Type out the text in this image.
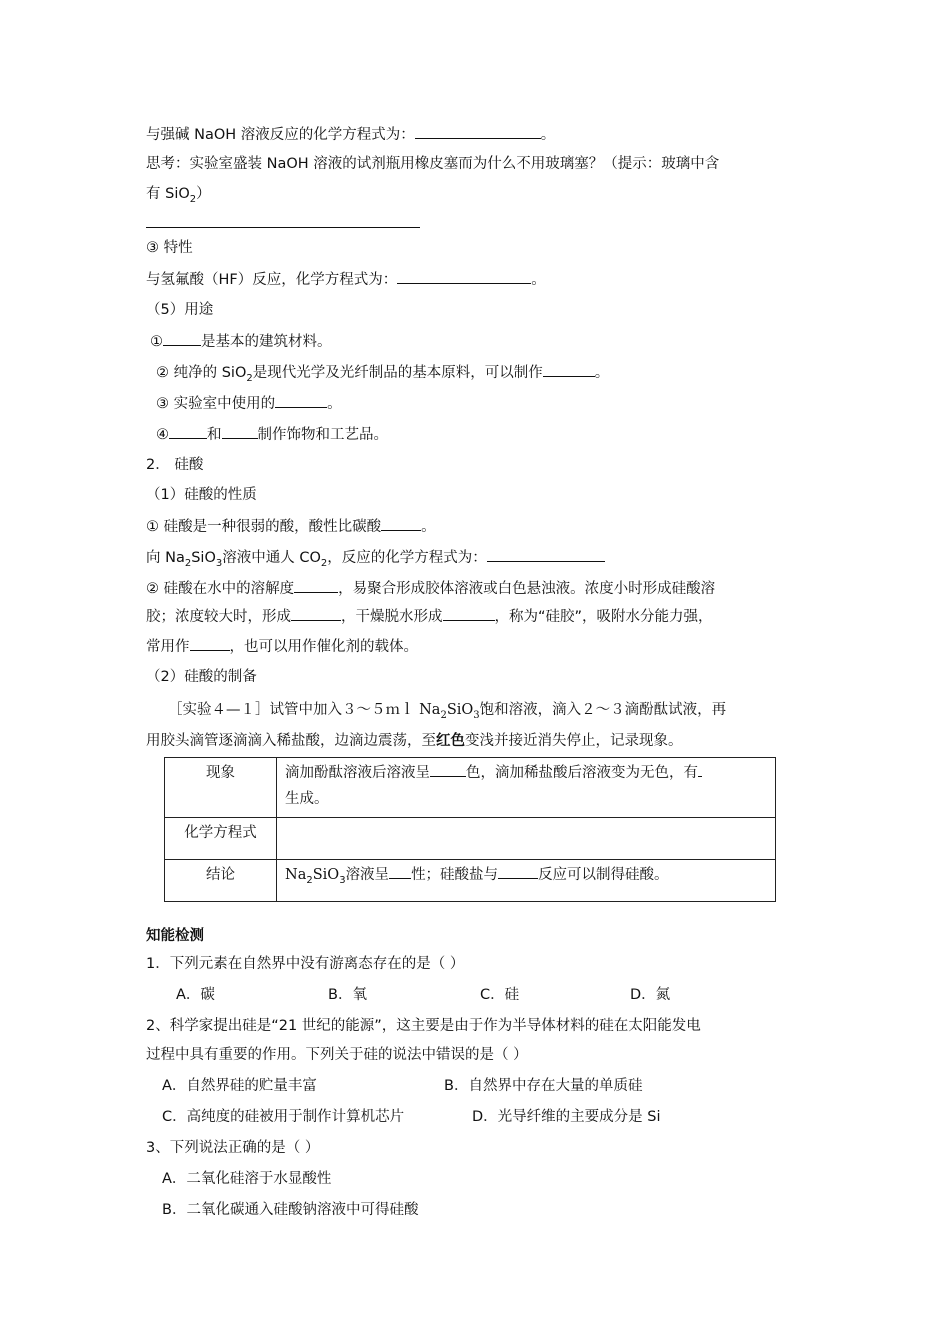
与强碱 NaOH 溶液反应的化学方程式为：	。
思考：实验室盛装 NaOH 溶液的试剂瓶用橡皮塞而为什么不用玻璃塞？（提示：玻璃中含
有 SiO$_2$）
③ 特性
与氢氟酸（HF）反应，化学方程式为：	。
（5）用途
①	是基本的建筑材料。
② 纯净的 SiO$_2$是现代光学及光纤制品的基本原料，可以制作	。
③ 实验室中使用的	。
④	和 制作饰物和工艺品。
2． 硅酸
（1）硅酸的性质
① 硅酸是一种很弱的酸，酸性比碳酸	。
向 $Na_2SiO_3$溶液中通人 $CO_2$，反应的化学方程式为：
② 硅酸在水中的溶解度	，易聚合形成胶体溶液或白色悬浊液。浓度小时形成硅酸溶
胶；浓度较大时，形成	，干燥脱水形成	，称为“硅胶”，吸附水分能力强，
常用作	，也可以用作催化剂的载体。
（2）硅酸的制备
［实验４—１］试管中加入３～５ｍｌ $Na_2SiO_3$饱和溶液，滴入２～３滴酚酞试液，再
用胶头滴管逐滴滴入稀盐酸，边滴边震荡，至红色变浅并接近消失停止，记录现象。
现象	滴加酚酞溶液后溶液呈 色，滴加稀盐酸后溶液变为无色，有
生成。
化学方程式	
结论	$Na_2SiO_3$溶液呈 性；硅酸盐与 反应可以制得硅酸。
知能检测
1．下列元素在自然界中没有游离态存在的是（ ）
A．碳	B．氧	C．硅	D．氮
2、科学家提出硅是“21 世纪的能源”，这主要是由于作为半导体材料的硅在太阳能发电
过程中具有重要的作用。下列关于硅的说法中错误的是（ ）
A．自然界硅的贮量丰富	B．自然界中存在大量的单质硅
C．高纯度的硅被用于制作计算机芯片	D．光导纤维的主要成分是 Si
3、下列说法正确的是（ ）
A．二氧化硅溶于水显酸性
B．二氧化碳通入硅酸钠溶液中可得硅酸
